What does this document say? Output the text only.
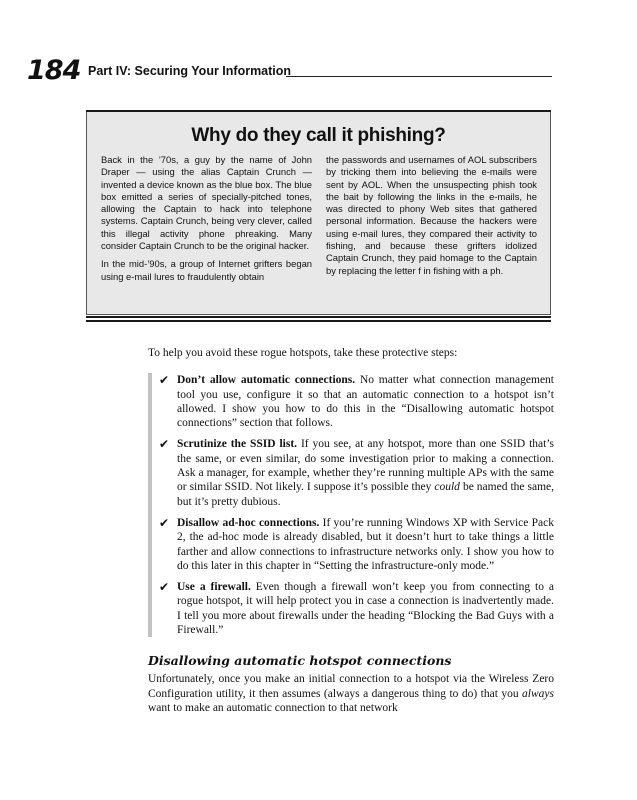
184 Part IV: Securing Your Information
Why do they call it phishing?

Back in the ’70s, a guy by the name of John Draper — using the alias Captain Crunch — invented a device known as the blue box. The blue box emitted a series of specially-pitched tones, allowing the Captain to hack into telephone systems. Captain Crunch, being very clever, called this illegal activity phone phreaking. Many consider Captain Crunch to be the original hacker.

In the mid-’90s, a group of Internet grifters began using e-mail lures to fraudulently obtain

the passwords and usernames of AOL subscribers by tricking them into believing the e-mails were sent by AOL. When the unsuspecting phish took the bait by following the links in the e-mails, he was directed to phony Web sites that gathered personal information. Because the hackers were using e-mail lures, they compared their activity to fishing, and because these grifters idolized Captain Crunch, they paid homage to the Captain by replacing the letter f in fishing with a ph.

To help you avoid these rogue hotspots, take these protective steps:

✔ Don’t allow automatic connections. No matter what connection management tool you use, configure it so that an automatic connection to a hotspot isn’t allowed. I show you how to do this in the “Disallowing automatic hotspot connections” section that follows.
✔ Scrutinize the SSID list. If you see, at any hotspot, more than one SSID that’s the same, or even similar, do some investigation prior to making a connection. Ask a manager, for example, whether they’re running multiple APs with the same or similar SSID. Not likely. I suppose it’s possible they could be named the same, but it’s pretty dubious.
✔ Disallow ad-hoc connections. If you’re running Windows XP with Service Pack 2, the ad-hoc mode is already disabled, but it doesn’t hurt to take things a little farther and allow connections to infrastructure networks only. I show you how to do this later in this chapter in “Setting the infrastructure-only mode.”
✔ Use a firewall. Even though a firewall won’t keep you from connecting to a rogue hotspot, it will help protect you in case a connection is inadvertently made. I tell you more about firewalls under the heading “Blocking the Bad Guys with a Firewall.”
Disallowing automatic hotspot connections

Unfortunately, once you make an initial connection to a hotspot via the Wireless Zero Configuration utility, it then assumes (always a dangerous thing to do) that you always want to make an automatic connection to that network
